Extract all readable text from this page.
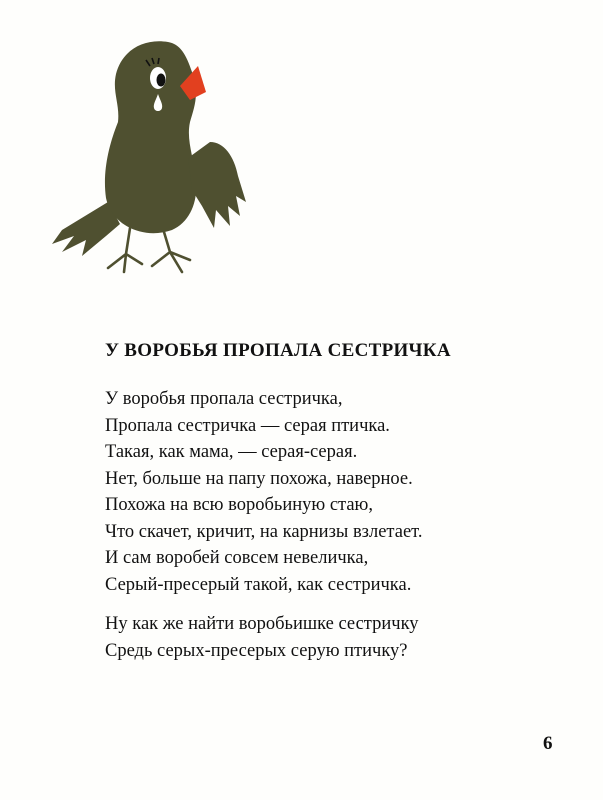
У ВОРОБЬЯ ПРОПАЛА СЕСТРИЧКА

У воробья пропала сестричка,
Пропала сестричка — серая птичка.
Такая, как мама, — серая-серая.
Нет, больше на папу похожа, наверное.
Похожа на всю воробьиную стаю,
Что скачет, кричит, на карнизы взлетает.
И сам воробей совсем невеличка,
Серый-пресерый такой, как сестричка.

Ну как же найти воробьишке сестричку
Средь серых-пресерых серую птичку?

6
